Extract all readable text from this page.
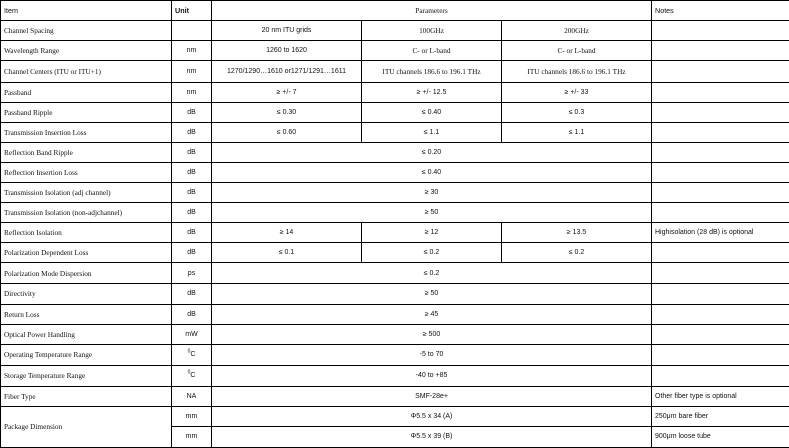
Item	Unit	Parameters			Notes
Channel Spacing		20 nm ITU grids	100GHz	200GHz	
Wavelength Range	nm	1260 to 1620	C- or L-band	C- or L-band	
Channel Centers (ITU or ITU+1)	nm	1270/1290…1610 or1271/1291…1611	ITU channels 186.6 to 196.1 THz	ITU channels 186.6 to 196.1 THz	
Passband	nm	≥ +/- 7	≥ +/- 12.5	≥ +/- 33	
Passband Ripple	dB	≤ 0.30	≤ 0.40	≤ 0.3	
Transmission Insertion Loss	dB	≤ 0.60	≤ 1.1	≤ 1.1	
Reflection Band Ripple	dB	≤ 0.20			
Reflection Insertion Loss	dB	≤ 0.40			
Transmission Isolation (adj channel)	dB	≥ 30			
Transmission Isolation (non-adjchannel)	dB	≥ 50			
Reflection Isolation	dB	≥ 14	≥ 12	≥ 13.5	Highisolation (28 dB) is optional
Polarization Dependent Loss	dB	≤ 0.1	≤ 0.2	≤ 0.2	
Polarization Mode Dispersion	ps	≤ 0.2			
Directivity	dB	≥ 50			
Return Loss	dB	≥ 45			
Optical Power Handling	mW	≥ 500			
Operating Temperature Range	$^0$C	-5 to 70			
Storage Temperature Range	$^0$C	-40 to +85			
Fiber Type	NA	SMF-28e+			Other fiber type is optional
Package Dimension	mm	Φ5.5 x 34 (A)			250μm bare fiber
	mm	Φ5.5 x 39 (B)			900μm loose tube
